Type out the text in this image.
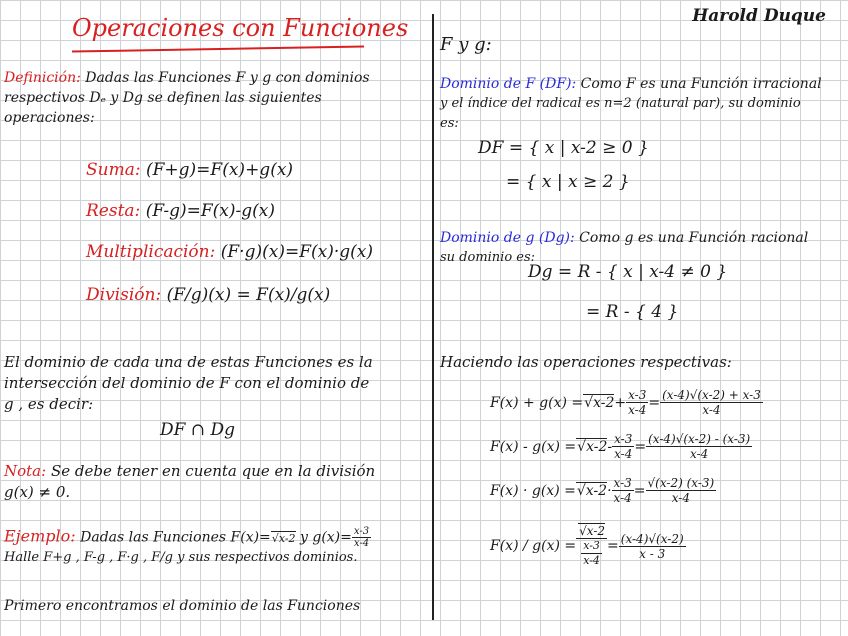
Operaciones con Funciones	Harold Duque
Definición: Dadas las Funciones F y g con dominios
respectivos Dₑ y Dg se definen las siguientes
operaciones:
Suma: (F+g)=F(x)+g(x)
Resta: (F-g)=F(x)-g(x)
Multiplicación: (F·g)(x)=F(x)·g(x)
División: (F/g)(x) = F(x)/g(x)
El dominio de cada una de estas Funciones es la
intersección del dominio de F con el dominio de
g , es decir:
DF ∩ Dg
Nota: Se debe tener en cuenta que en la división
g(x) ≠ 0.
Ejemplo: Dadas las Funciones F(x)= √ x-2 y $g(x)= \frac{x-3}{x-4}$
Halle F+g , F-g , F·g , F/g y sus respectivos dominios.
Primero encontramos el dominio de las Funciones
F y g:
Dominio de F (DF): Como F es una Función irracional
y el índice del radical es n=2 (natural par), su dominio
es:
DF = { x | x-2 ≥ 0 }
= { x | x ≥ 2 }
Dominio de g (Dg): Como g es una Función racional
su dominio es:
Dg = R - { x | x-4 ≠ 0 }
= R - { 4 }
Haciendo las operaciones respectivas:
F(x) + g(x) = √ $x-2 + \frac{x-3}{x-4} = \frac{(x-4)√(x-2) + x-3}{x-4}$
F(x) - g(x) = √ $x-2 - \frac{x-3}{x-4} = \frac{(x-4)√(x-2) - (x-3)}{x-4}$
F(x) · g(x) = √ $x-2 \cdot \frac{x-3}{x-4} = \frac{√(x-2) (x-3)}{x-4}$
F(x) / g(x) = √ $\frac{x-2}{\frac{x-3}{x-4}} = \frac{(x-4)√(x-2)}{x - 3}$
